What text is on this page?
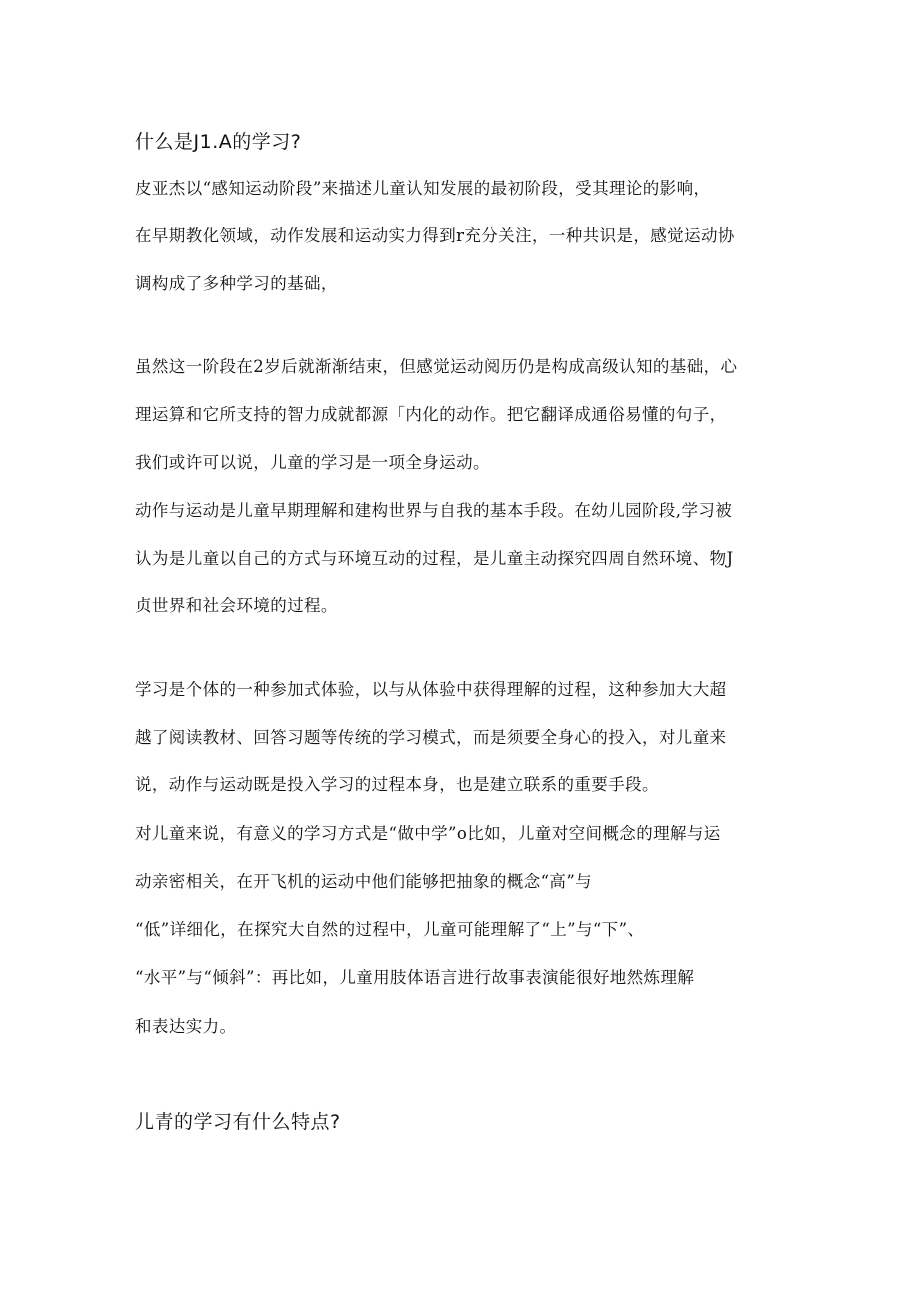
什么是J1.A的学习?
皮亚杰以“感知运动阶段”来描述儿童认知发展的最初阶段，受其理论的影响，
在早期教化领域，动作发展和运动实力得到r充分关注，一种共识是，感觉运动协
调构成了多种学习的基础，
虽然这一阶段在2岁后就渐渐结束，但感觉运动阅历仍是构成高级认知的基础，心
理运算和它所支持的智力成就都源「内化的动作。把它翻译成通俗易懂的句子，
我们或许可以说，儿童的学习是一项全身运动。
动作与运动是儿童早期理解和建构世界与自我的基本手段。在幼儿园阶段,学习被
认为是儿童以自己的方式与环境互动的过程，是儿童主动探究四周自然环境、物J
贞世界和社会环境的过程。
学习是个体的一种参加式体验，以与从体验中获得理解的过程，这种参加大大超
越了阅读教材、回答习题等传统的学习模式，而是须要全身心的投入，对儿童来
说，动作与运动既是投入学习的过程本身，也是建立联系的重要手段。
对儿童来说，有意义的学习方式是“做中学”o比如，儿童对空间概念的理解与运
动亲密相关，在开飞机的运动中他们能够把抽象的概念“高”与
“低”详细化，在探究大自然的过程中，儿童可能理解了“上”与“下”、
“水平”与“倾斜”：再比如，儿童用肢体语言进行故事表演能很好地然炼理解
和表达实力。
儿青的学习有什么特点?
